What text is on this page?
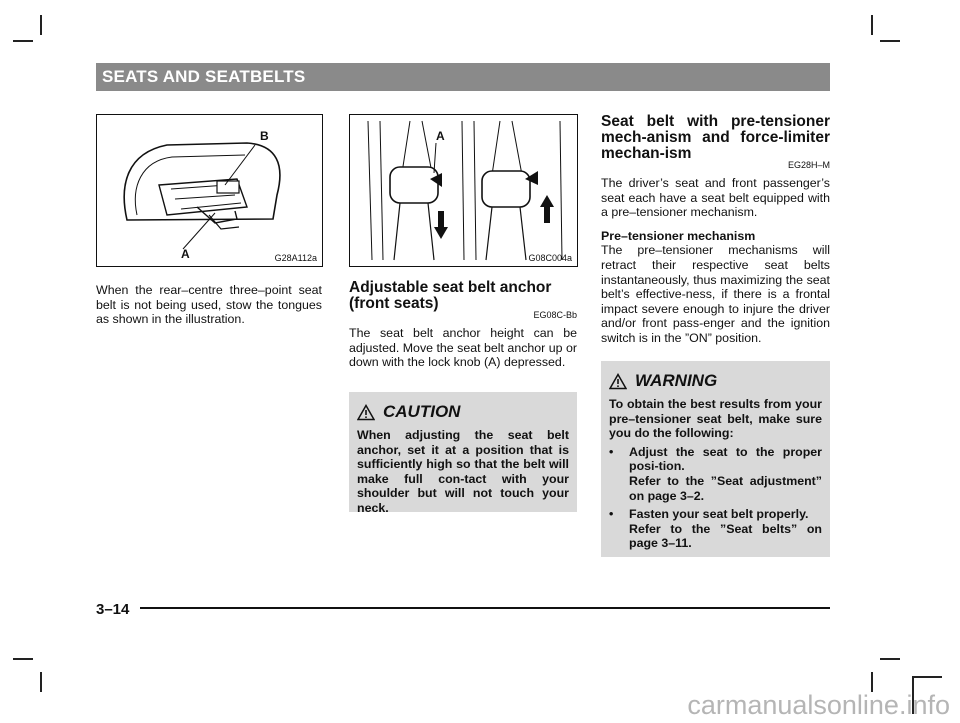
SEATS AND SEATBELTS
B
A	G28A112a
A
G08C004a
When the rear–centre three–point seat belt is not being used, stow the tongues as shown in the illustration.
Adjustable seat belt anchor (front seats)
EG08C-Bb
The seat belt anchor height can be adjusted. Move the seat belt anchor up or down with the lock knob (A) depressed.
CAUTION
When adjusting the seat belt anchor, set it at a position that is sufficiently high so that the belt will make full con-tact with your shoulder but will not touch your neck.
Seat belt with pre-tensioner mech-anism and force-limiter mechan-ism
EG28H–M
The driver’s seat and front passenger’s seat each have a seat belt equipped with a pre–tensioner mechanism.
Pre–tensioner mechanism
The pre–tensioner mechanisms will retract their respective seat belts instantaneously, thus maximizing the seat belt’s effective-ness, if there is a frontal impact severe enough to injure the driver and/or front pass-enger and the ignition switch is in the ”ON” position.
WARNING
To obtain the best results from your pre–tensioner seat belt, make sure you do the following:
•	Adjust the seat to the proper posi-tion.
Refer to the ”Seat adjustment” on page 3–2.
•	Fasten your seat belt properly.
Refer to the ”Seat belts” on page 3–11.
3–14
carmanualsonline.info
